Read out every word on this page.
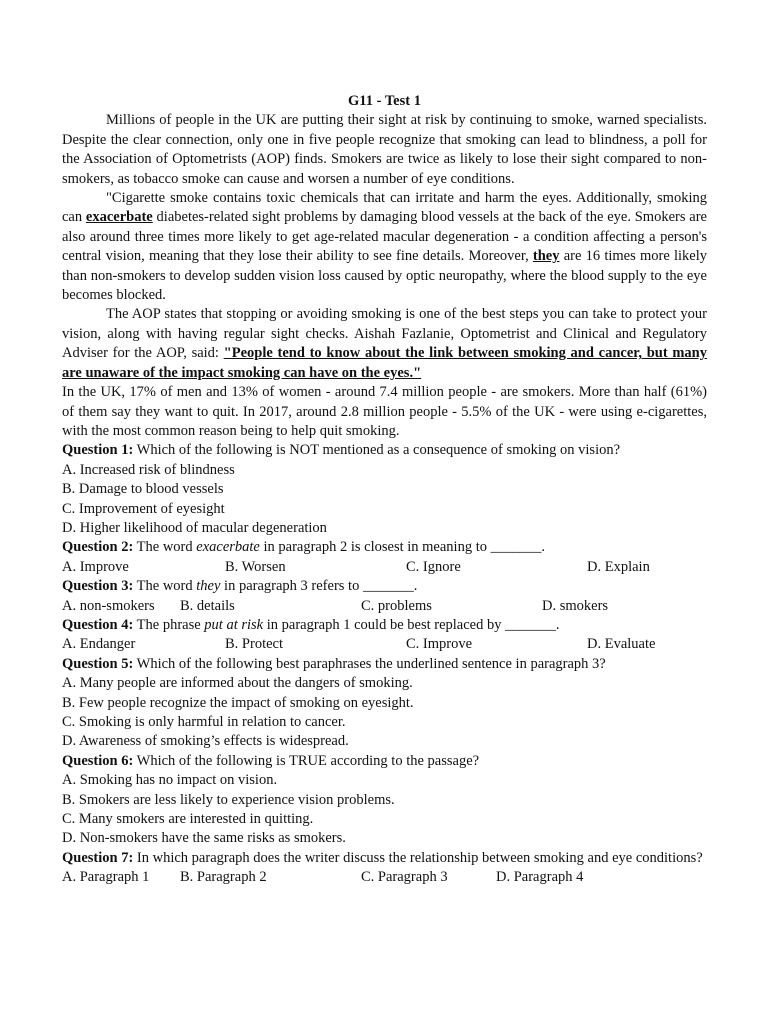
G11 - Test 1

Millions of people in the UK are putting their sight at risk by continuing to smoke, warned specialists. Despite the clear connection, only one in five people recognize that smoking can lead to blindness, a poll for the Association of Optometrists (AOP) finds. Smokers are twice as likely to lose their sight compared to non-smokers, as tobacco smoke can cause and worsen a number of eye conditions.

"Cigarette smoke contains toxic chemicals that can irritate and harm the eyes. Additionally, smoking can exacerbate diabetes-related sight problems by damaging blood vessels at the back of the eye. Smokers are also around three times more likely to get age-related macular degeneration - a condition affecting a person's central vision, meaning that they lose their ability to see fine details. Moreover, they are 16 times more likely than non-smokers to develop sudden vision loss caused by optic neuropathy, where the blood supply to the eye becomes blocked.

The AOP states that stopping or avoiding smoking is one of the best steps you can take to protect your vision, along with having regular sight checks. Aishah Fazlanie, Optometrist and Clinical and Regulatory Adviser for the AOP, said: "People tend to know about the link between smoking and cancer, but many are unaware of the impact smoking can have on the eyes."

In the UK, 17% of men and 13% of women - around 7.4 million people - are smokers. More than half (61%) of them say they want to quit. In 2017, around 2.8 million people - 5.5% of the UK - were using e-cigarettes, with the most common reason being to help quit smoking.

Question 1: Which of the following is NOT mentioned as a consequence of smoking on vision?

A. Increased risk of blindness

B. Damage to blood vessels

C. Improvement of eyesight

D. Higher likelihood of macular degeneration

Question 2: The word exacerbate in paragraph 2 is closest in meaning to _______.

A. Improve	B. Worsen	C. Ignore	D. Explain

Question 3: The word they in paragraph 3 refers to _______.

A. non-smokers	B. details	C. problems	D. smokers

Question 4: The phrase put at risk in paragraph 1 could be best replaced by _______.

A. Endanger	B. Protect	C. Improve	D. Evaluate

Question 5: Which of the following best paraphrases the underlined sentence in paragraph 3?

A. Many people are informed about the dangers of smoking.

B. Few people recognize the impact of smoking on eyesight.

C. Smoking is only harmful in relation to cancer.

D. Awareness of smoking’s effects is widespread.

Question 6: Which of the following is TRUE according to the passage?

A. Smoking has no impact on vision.

B. Smokers are less likely to experience vision problems.

C. Many smokers are interested in quitting.

D. Non-smokers have the same risks as smokers.

Question 7: In which paragraph does the writer discuss the relationship between smoking and eye conditions?

A. Paragraph 1	B. Paragraph 2	C. Paragraph 3	D. Paragraph 4
